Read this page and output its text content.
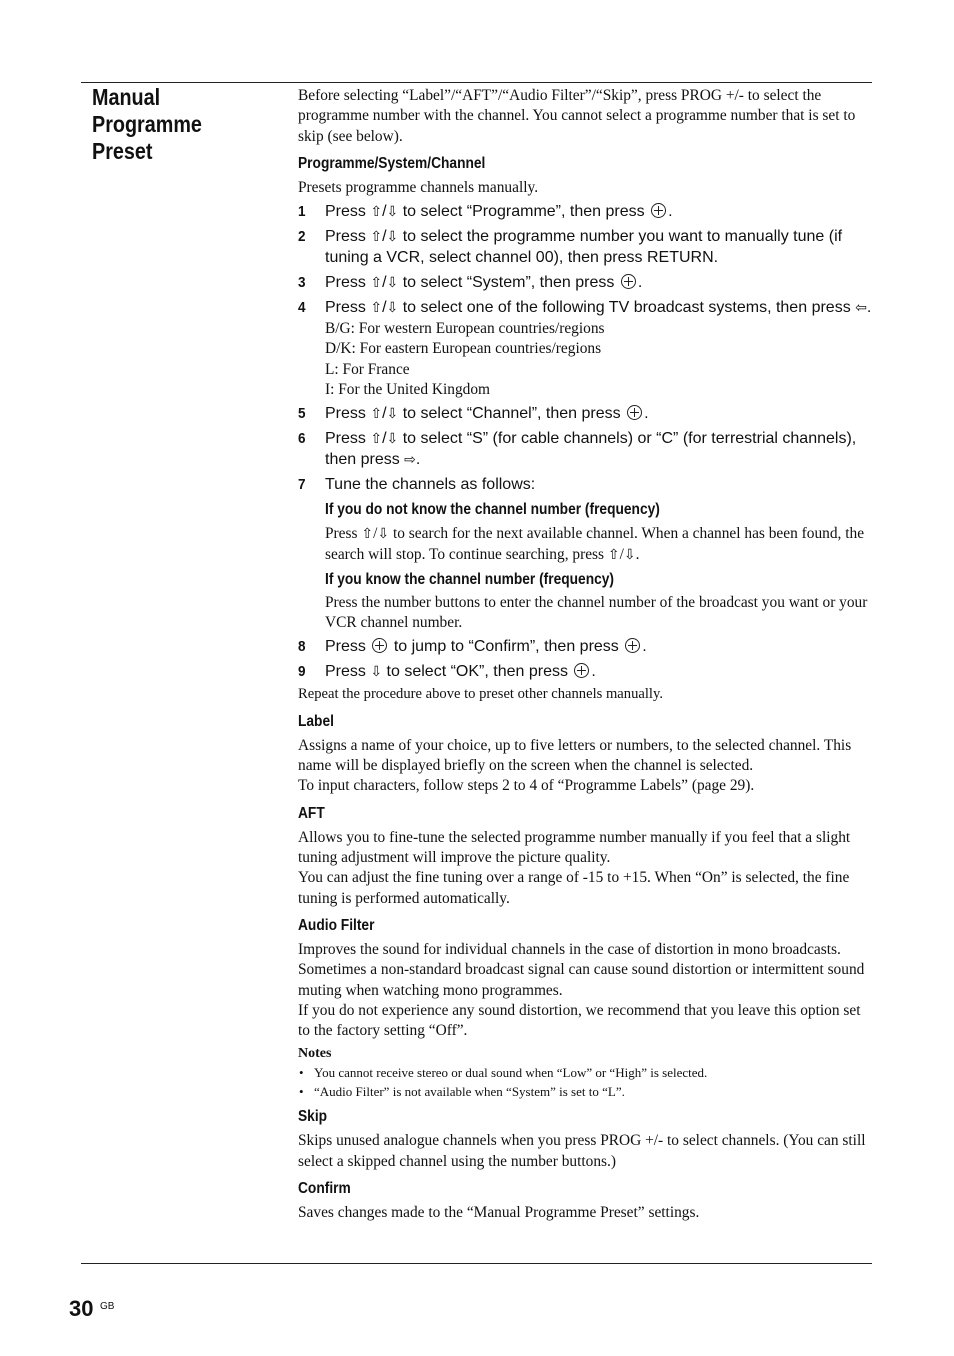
Manual Programme Preset

Before selecting “Label”/“AFT”/“Audio Filter”/“Skip”, press PROG +/- to select the programme number with the channel. You cannot select a programme number that is set to skip (see below).

Programme/System/Channel

Presets programme channels manually.

1 Press ⇧/⇩ to select “Programme”, then press .
2 Press ⇧/⇩ to select the programme number you want to manually tune (if tuning a VCR, select channel 00), then press RETURN.
3 Press ⇧/⇩ to select “System”, then press .
4 Press ⇧/⇩ to select one of the following TV broadcast systems, then press ⇦.

B/G: For western European countries/regions

D/K: For eastern European countries/regions

L: For France

I: For the United Kingdom

5 Press ⇧/⇩ to select “Channel”, then press .
6 Press ⇧/⇩ to select “S” (for cable channels) or “C” (for terrestrial channels), then press ⇨.
7 Tune the channels as follows:
If you do not know the channel number (frequency)

Press ⇧/⇩ to search for the next available channel. When a channel has been found, the search will stop. To continue searching, press ⇧/⇩.

If you know the channel number (frequency)

Press the number buttons to enter the channel number of the broadcast you want or your VCR channel number.

8 Press to jump to “Confirm”, then press .
9 Press ⇩ to select “OK”, then press .

Repeat the procedure above to preset other channels manually.

Label

Assigns a name of your choice, up to five letters or numbers, to the selected channel. This name will be displayed briefly on the screen when the channel is selected.

To input characters, follow steps 2 to 4 of “Programme Labels” (page 29).

AFT

Allows you to fine-tune the selected programme number manually if you feel that a slight tuning adjustment will improve the picture quality.

You can adjust the fine tuning over a range of -15 to +15. When “On” is selected, the fine tuning is performed automatically.

Audio Filter

Improves the sound for individual channels in the case of distortion in mono broadcasts. Sometimes a non-standard broadcast signal can cause sound distortion or intermittent sound muting when watching mono programmes.

If you do not experience any sound distortion, we recommend that you leave this option set to the factory setting “Off”.

Notes
• You cannot receive stereo or dual sound when “Low” or “High” is selected.
• “Audio Filter” is not available when “System” is set to “L”.
Skip

Skips unused analogue channels when you press PROG +/- to select channels. (You can still select a skipped channel using the number buttons.)

Confirm

Saves changes made to the “Manual Programme Preset” settings.

30 GB
